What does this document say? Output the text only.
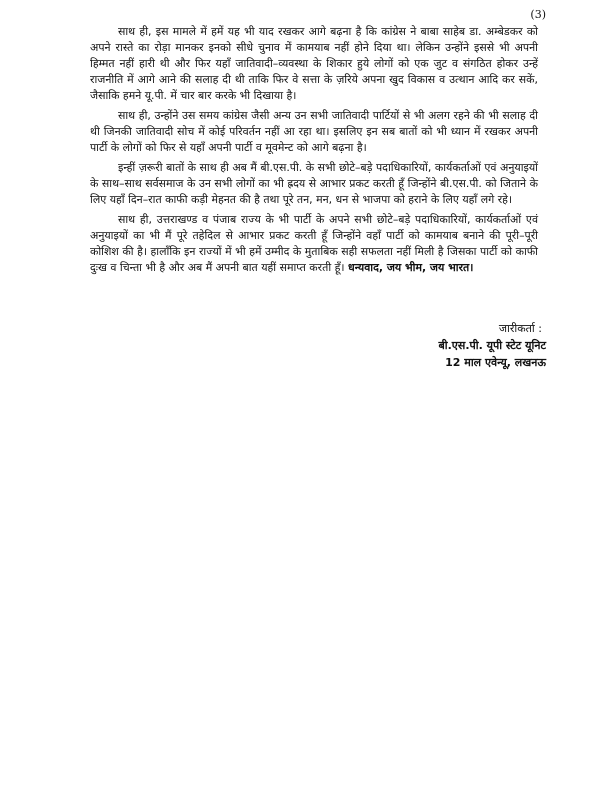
(3)

साथ ही, इस मामले में हमें यह भी याद रखकर आगे बढ़ना है कि कांग्रेस ने बाबा साहेब डा. अम्बेडकर को अपने रास्ते का रोड़ा मानकर इनको सीधे चुनाव में कामयाब नहीं होने दिया था। लेकिन उन्होंने इससे भी अपनी हिम्मत नहीं हारी थी और फिर यहाँ जातिवादी–व्यवस्था के शिकार हुये लोगों को एक जुट व संगठित होकर उन्हें राजनीति में आगे आने की सलाह दी थी ताकि फिर वे सत्ता के ज़रिये अपना खुद विकास व उत्थान आदि कर सकें, जैसाकि हमने यू.पी. में चार बार करके भी दिखाया है।

साथ ही, उन्होंने उस समय कांग्रेस जैसी अन्य उन सभी जातिवादी पार्टियों से भी अलग रहने की भी सलाह दी थी जिनकी जातिवादी सोच में कोई परिवर्तन नहीं आ रहा था। इसलिए इन सब बातों को भी ध्यान में रखकर अपनी पार्टी के लोगों को फिर से यहाँ अपनी पार्टी व मूवमेन्ट को आगे बढ़ना है।

इन्हीं ज़रूरी बातों के साथ ही अब मैं बी.एस.पी. के सभी छोटे–बड़े पदाधिकारियों, कार्यकर्ताओं एवं अनुयाइयों के साथ–साथ सर्वसमाज के उन सभी लोगों का भी ह्रदय से आभार प्रकट करती हूँ जिन्होंने बी.एस.पी. को जिताने के लिए यहाँ दिन–रात काफी कड़ी मेहनत की है तथा पूरे तन, मन, धन से भाजपा को हराने के लिए यहाँ लगे रहे।

साथ ही, उत्तराखण्ड व पंजाब राज्य के भी पार्टी के अपने सभी छोटे–बड़े पदाधिकारियों, कार्यकर्ताओं एवं अनुयाइयों का भी मैं पूरे तहेदिल से आभार प्रकट करती हूँ जिन्होंने वहाँ पार्टी को कामयाब बनाने की पूरी–पूरी कोशिश की है। हालाँकि इन राज्यों में भी हमें उम्मीद के मुताबिक सही सफलता नहीं मिली है जिसका पार्टी को काफी दुःख व चिन्ता भी है और अब मैं अपनी बात यहीं समाप्त करती हूँ। धन्यवाद, जय भीम, जय भारत।

जारीकर्ता :
बी.एस.पी. यूपी स्टेट यूनिट
12 माल एवेन्यू, लखनऊ
